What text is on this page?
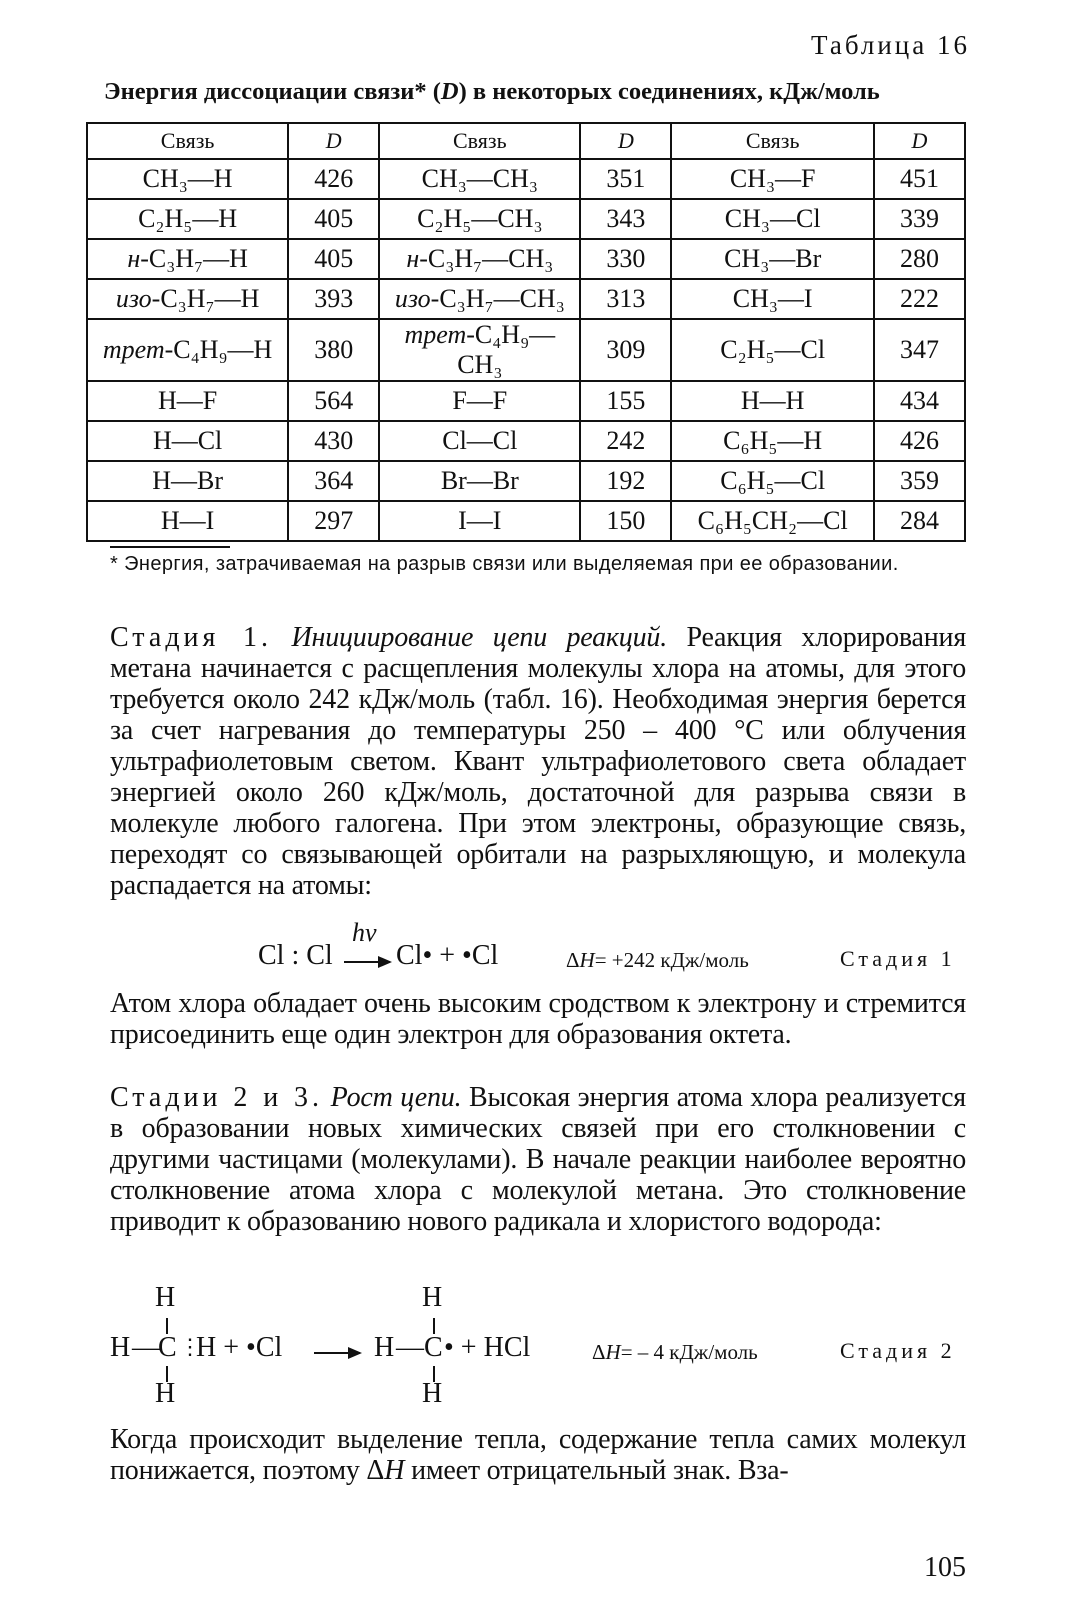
Таблица 16
Энергия диссоциации связи* (D) в некоторых соединениях, кДж/моль
Связь	D	Связь	D	Связь	D
CH₃—H	426	CH₃—CH₃	351	CH₃—F	451
C₂H₅—H	405	C₂H₅—CH₃	343	CH₃—Cl	339
н-C₃H₇—H	405	н-C₃H₇—CH₃	330	CH₃—Br	280
изо-C₃H₇—H	393	изо-C₃H₇—CH₃	313	CH₃—I	222
трет-C₄H₉—H	380	трет-C₄H₉—CH₃	309	C₂H₅—Cl	347
H—F	564	F—F	155	H—H	434
H—Cl	430	Cl—Cl	242	C₆H₅—H	426
H—Br	364	Br—Br	192	C₆H₅—Cl	359
H—I	297	I—I	150	C₆H₅CH₂—Cl	284
* Энергия, затрачиваемая на разрыв связи или выделяемая при ее образовании.
Стадия 1. Инициирование цепи реакций. Реакция хлорирования метана начинается с расщепления молекулы хлора на атомы, для этого требуется около 242 кДж/моль (табл. 16). Необходимая энергия берется за счет нагревания до температуры 250 – 400 °C или облучения ультрафиолетовым светом. Квант ультрафиолетового света обладает энергией около 260 кДж/моль, достаточной для разрыва связи в молекуле любого галогена. При этом электроны, образующие связь, переходят со связывающей орбитали на разрыхляющую, и молекула распадается на атомы:
Cl : Cl
hν
Cl• + •Cl	ΔH= +242 кДж/моль	Стадия 1
Атом хлора обладает очень высоким сродством к электрону и стремится присоединить еще один электрон для образования октета.
Стадии 2 и 3. Рост цепи. Высокая энергия атома хлора реализуется в образовании новых химических связей при его столкновении с другими частицами (молекулами). В начале реакции наиболее вероятно столкновение атома хлора с молекулой метана. Это столкновение приводит к образованию нового радикала и хлористого водорода:
H
H —
C ⋮
H + •Cl
H
H
H — C • + HCl
H
ΔH= – 4 кДж/моль	Стадия 2
Когда происходит выделение тепла, содержание тепла самих молекул понижается, поэтому ΔH имеет отрицательный знак. Вза-
105
